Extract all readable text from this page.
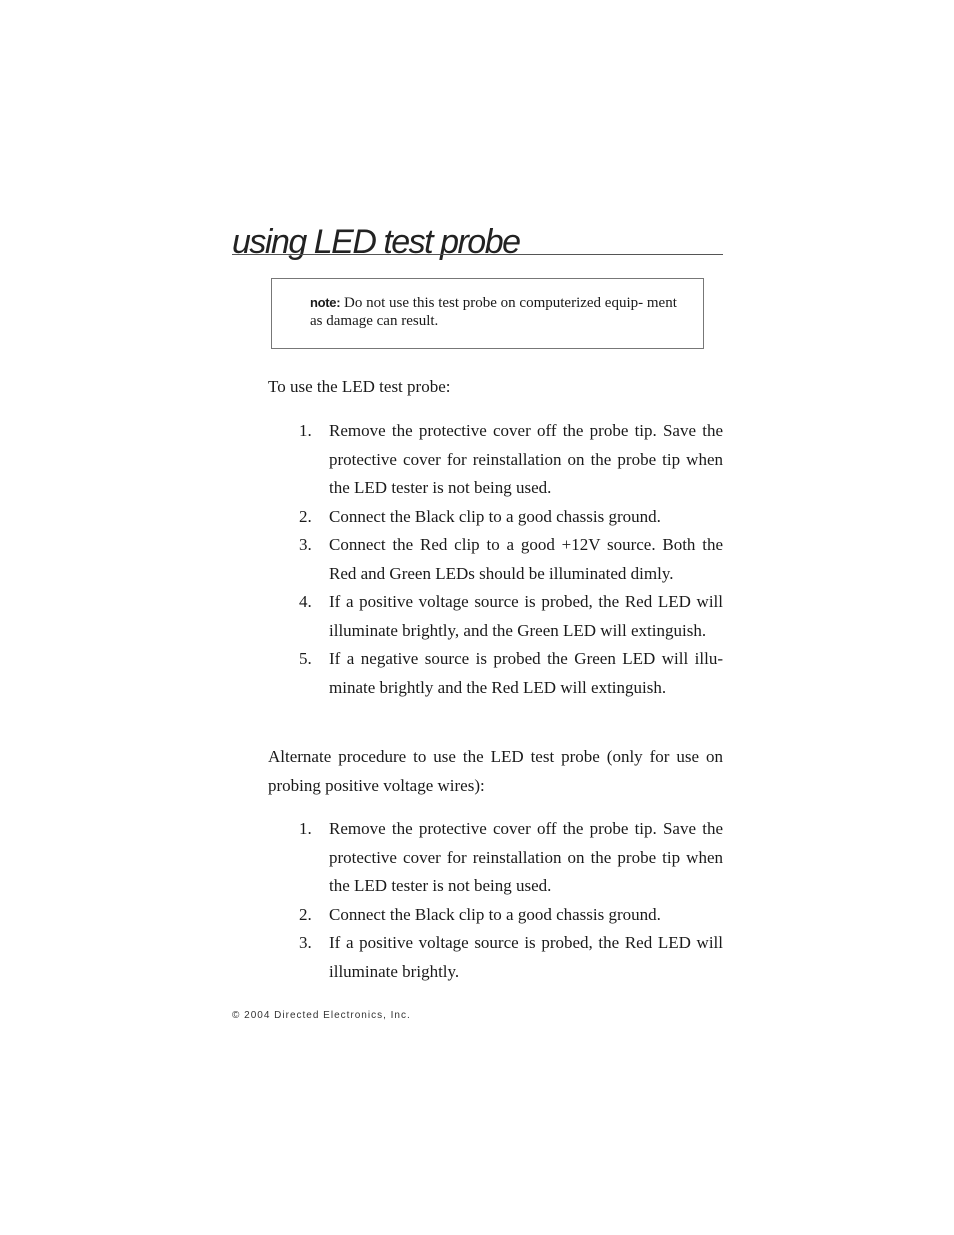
using LED test probe

note: Do not use this test probe on computerized equip- ment as damage can result.

To use the LED test probe:

1. Remove the protective cover off the probe tip. Save the protective cover for reinstallation on the probe tip when the LED tester is not being used.
2. Connect the Black clip to a good chassis ground.
3. Connect the Red clip to a good +12V source. Both the Red and Green LEDs should be illuminated dimly.
4. If a positive voltage source is probed, the Red LED will illuminate brightly, and the Green LED will extinguish.
5. If a negative source is probed the Green LED will illu- minate brightly and the Red LED will extinguish.

Alternate procedure to use the LED test probe (only for use on probing positive voltage wires):

1. Remove the protective cover off the probe tip. Save the protective cover for reinstallation on the probe tip when the LED tester is not being used.
2. Connect the Black clip to a good chassis ground.
3. If a positive voltage source is probed, the Red LED will illuminate brightly.

© 2004 Directed Electronics, Inc.
